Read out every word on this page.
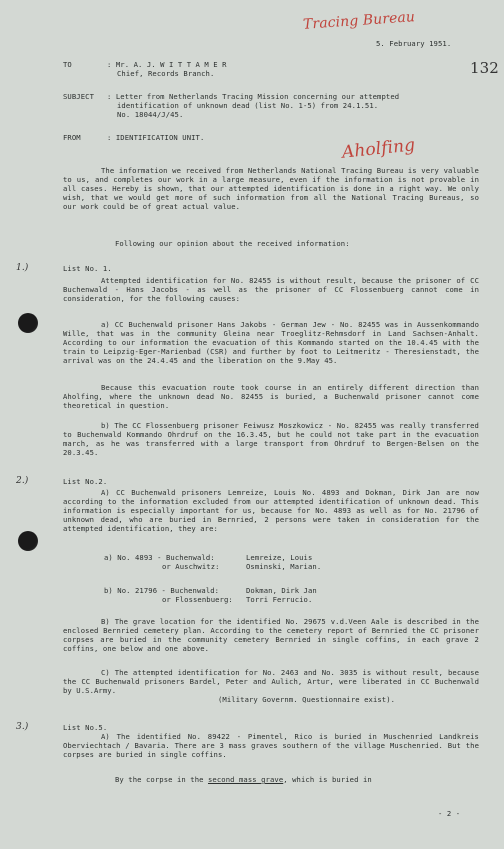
Tracing Bureau
132
Aholfing
5. February 1951.
TO	: Mr. A. J. W I T T A M E R
Chief, Records Branch.
SUBJECT : Letter from Netherlands Tracing Mission concerning our attempted
identification of unknown dead (list No. 1-5) from 24.1.51.
No. 18044/J/45.
FROM	: IDENTIFICATION UNIT.

The information we received from Netherlands National Tracing Bureau is very valuable to us, and completes our work in a large measure, even if the information is not provable in all cases. Hereby is shown, that our attempted identification is done in a right way. We only wish, that we would get more of such information from all the National Tracing Bureaus, so our work could be of great actual value.

Following our opinion about the received information:

1.)	List No. 1.

Attempted identification for No. 82455 is without result, because the prisoner of CC Buchenwald - Hans Jacobs - as well as the prisoner of CC Flossenbuerg cannot come in consideration, for the following causes:

a) CC Buchenwald prisoner Hans Jakobs - German Jew - No. 82455 was in Aussenkommando Wille, that was in the community Gleina near Troeglitz-Rehmsdorf in Land Sachsen-Anhalt. According to our information the evacuation of this Kommando started on the 10.4.45 with the train to Leipzig-Eger-Marienbad (CSR) and further by foot to Leitmeritz - Theresienstadt, the arrival was on the 24.4.45 and the liberation on the 9.May 45.

Because this evacuation route took course in an entirely different direction than Aholfing, where the unknown dead No. 82455 is buried, a Buchenwald prisoner cannot come theoretical in question.

b) The CC Flossenbuerg prisoner Feiwusz Moszkowicz - No. 82455 was really transferred to Buchenwald Kommando Ohrdruf on the 16.3.45, but he could not take part in the evacuation march, as he was transferred with a large transport from Ohrdruf to Bergen-Belsen on the 20.3.45.

2.)	List No.2.

A) CC Buchenwald prisoners Lemreize, Louis No. 4893 and Dokman, Dirk Jan are now according to the information excluded from our attempted identification of unknown dead. This information is especially important for us, because for No. 4893 as well as for No. 21796 of unknown dead, who are buried in Bernried, 2 persons were taken in consideration for the attempted identification, they are:

a) No. 4893 - Buchenwald:	Lemreize, Louis
or Auschwitz:	Osminski, Marian.
b) No. 21796 - Buchenwald:	Dokman, Dirk Jan
or Flossenbuerg: Torri Ferrucio.

B) The grave location for the identified No. 29675 v.d.Veen Aale is described in the enclosed Bernried cemetery plan. According to the cemetery report of Bernried the CC prisoner corpses are buried in the community cemetery Bernried in single coffins, in each grave 2 coffins, one below and one above.

C) The attempted identification for No. 2463 and No. 3035 is without result, because the CC Buchenwald prisoners Bardel, Peter and Aulich, Artur, were liberated in CC Buchenwald by U.S.Army.

(Military Governm. Questionnaire exist).

3.)	List No.5.

A) The identified No. 89422 - Pimentel, Rico is buried in Muschenried Landkreis Oberviechtach / Bavaria. There are 3 mass graves southern of the village Muschenried. But the corpses are buried in single coffins.

By the corpse in the second mass grave, which is buried in

- 2 -
